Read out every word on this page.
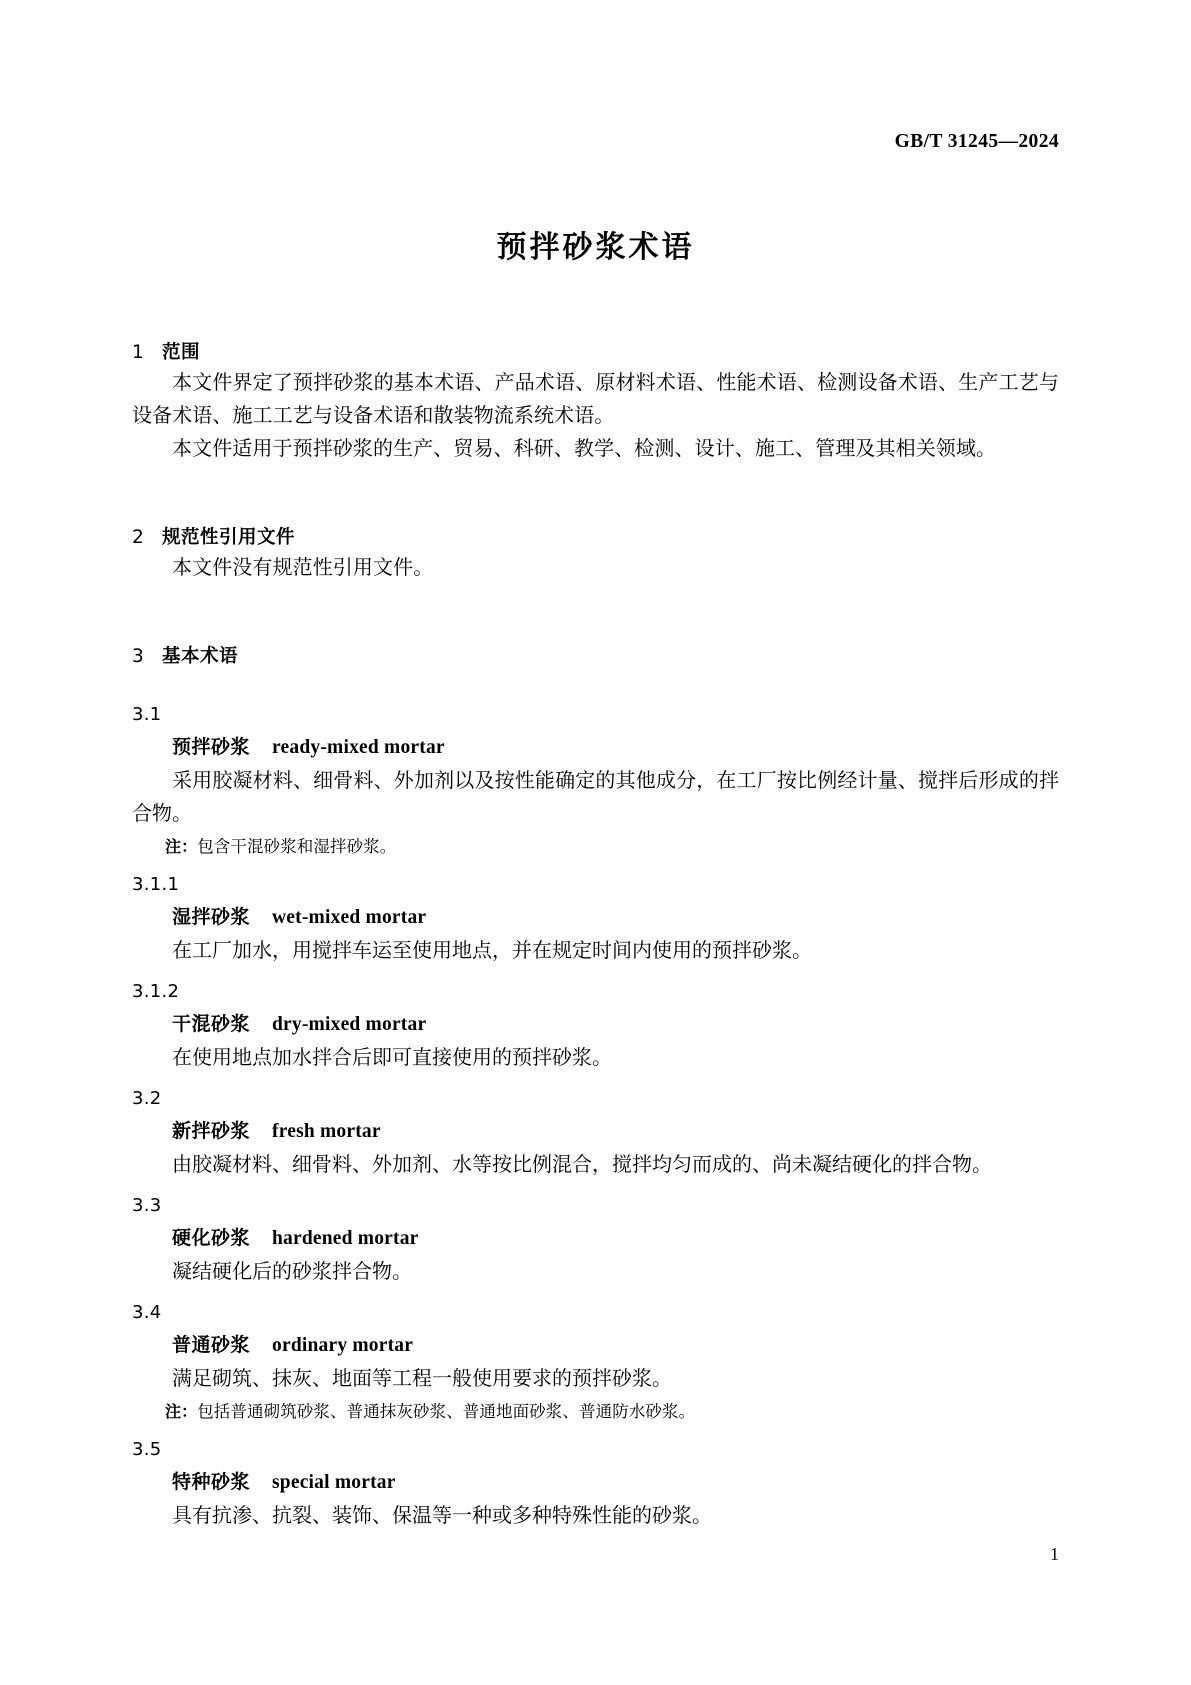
GB/T 31245—2024
预拌砂浆术语
1 范围

本文件界定了预拌砂浆的基本术语、产品术语、原材料术语、性能术语、检测设备术语、生产工艺与设备术语、施工工艺与设备术语和散装物流系统术语。

本文件适用于预拌砂浆的生产、贸易、科研、教学、检测、设计、施工、管理及其相关领域。

2 规范性引用文件

本文件没有规范性引用文件。

3 基本术语

3.1

预拌砂浆 ready-mixed mortar

采用胶凝材料、细骨料、外加剂以及按性能确定的其他成分，在工厂按比例经计量、搅拌后形成的拌合物。

注：包含干混砂浆和湿拌砂浆。

3.1.1

湿拌砂浆 wet-mixed mortar

在工厂加水，用搅拌车运至使用地点，并在规定时间内使用的预拌砂浆。

3.1.2

干混砂浆 dry-mixed mortar

在使用地点加水拌合后即可直接使用的预拌砂浆。

3.2

新拌砂浆 fresh mortar

由胶凝材料、细骨料、外加剂、水等按比例混合，搅拌均匀而成的、尚未凝结硬化的拌合物。

3.3

硬化砂浆 hardened mortar

凝结硬化后的砂浆拌合物。

3.4

普通砂浆 ordinary mortar

满足砌筑、抹灰、地面等工程一般使用要求的预拌砂浆。

注：包括普通砌筑砂浆、普通抹灰砂浆、普通地面砂浆、普通防水砂浆。

3.5

特种砂浆 special mortar

具有抗渗、抗裂、装饰、保温等一种或多种特殊性能的砂浆。

1
